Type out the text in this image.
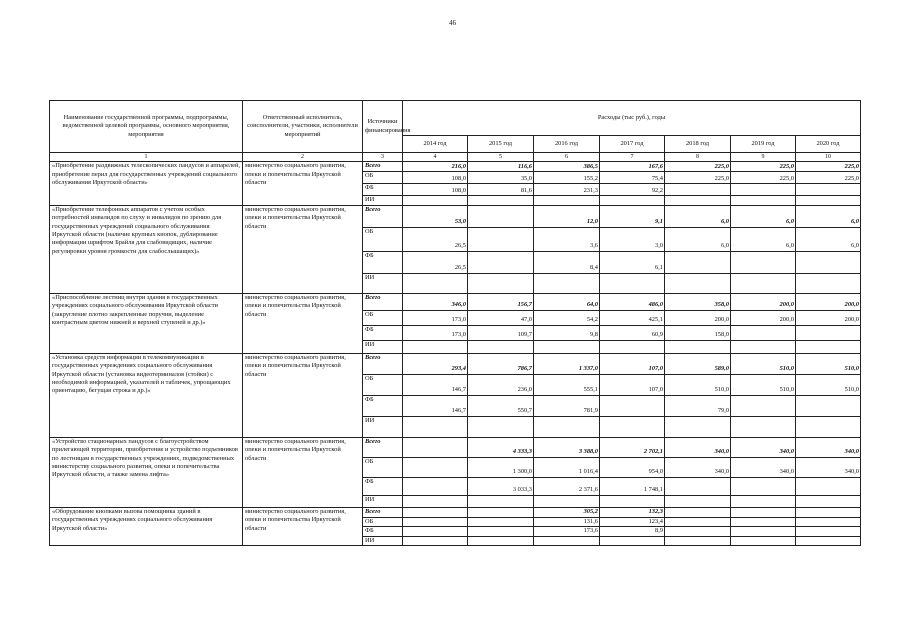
46
Наименование государственной программы, подпрограммы, ведомственной целевой программы, основного мероприятия, мероприятия	Ответственный исполнитель, соисполнители, участники, исполнители мероприятий	Источники финансирования	Расходы (тыс руб.), годы						
			2014 год	2015 год	2016 год	2017 год	2018 год	2019 год	2020 год
1	2	3	4	5	6	7	8	9	10
«Приобретение раздвижных телескопических пандусов и аппарелей, приобретение перил для государственных учреждений социального обслуживания Иркутской области»	министерство социального развития, опеки и попечительства Иркутской области	Всего	216,0	116,6	386,5	167,6	225,0	225,0	225,0
		ОБ	108,0	35,0	155,2	75,4	225,0	225,0	225,0
		ФБ	108,0	81,6	231,3	92,2			
		ИИ							
«Приобретение телефонных аппаратов с учетом особых потребностей инвалидов по слуху и инвалидов по зрению для государственных учреждений социального обслуживания Иркутской области (наличие крупных кнопок, дублирование информации шрифтом Брайля для слабовидящих, наличие регулировки уровня громкости для слабослышащих)»	министерство социального развития, опеки и попечительства Иркутской области	Всего	53,0		12,0	9,1	6,0	6,0	6,0
		ОБ	26,5		3,6	3,0	6,0	6,0	6,0
		ФБ	26,5		8,4	6,1			
		ИИ							
«Приспособление лестниц внутри здания в государственных учреждениях социального обслуживания Иркутской области (закругление плотно закрепленные поручни, выделение контрастным цветом нижней и верхней ступеней и др.)»	министерство социального развития, опеки и попечительства Иркутской области	Всего	346,0	156,7	64,0	486,0	358,0	200,0	200,0
		ОБ	173,0	47,0	54,2	425,1	200,0	200,0	200,0
		ФБ	173,0	109,7	9,8	60,9	158,0		
		ИИ							
«Установка средств информации в телекоммуникации в государственных учреждениях социального обслуживания Иркутской области (установка видеотерминалов (стойки) с необходимой информацией, указателей и табличек, упрощающих ориентацию, бегущая строка и др.)»	министерство социального развития, опеки и попечительства Иркутской области	Всего	293,4	786,7	1 337,0	107,0	589,0	510,0	510,0
		ОБ	146,7	236,0	555,1	107,0	510,0	510,0	510,0
		ФБ	146,7	550,7	781,9		79,0		
		ИИ							
«Устройство стационарных пандусов с благоустройством прилегающей территории, приобретение и устройство подъемников по лестницам в государственных учреждениях, подведомственных министерству социального развития, опеки и попечительства Иркутской области, а также замена лифта»	министерство социального развития, опеки и попечительства Иркутской области	Всего		4 333,3	3 388,0	2 702,1	340,0	340,0	340,0
		ОБ		1 300,0	1 016,4	954,0	340,0	340,0	340,0
		ФБ		3 033,3	2 371,6	1 748,1			
		ИИ							
«Оборудование кнопками вызова помощника зданий в государственных учреждениях социального обслуживания Иркутской области»	министерство социального развития, опеки и попечительства Иркутской области	Всего			305,2	132,3			
		ОБ			131,6	123,4			
		ФБ			173,6	8,9			
		ИИ							
